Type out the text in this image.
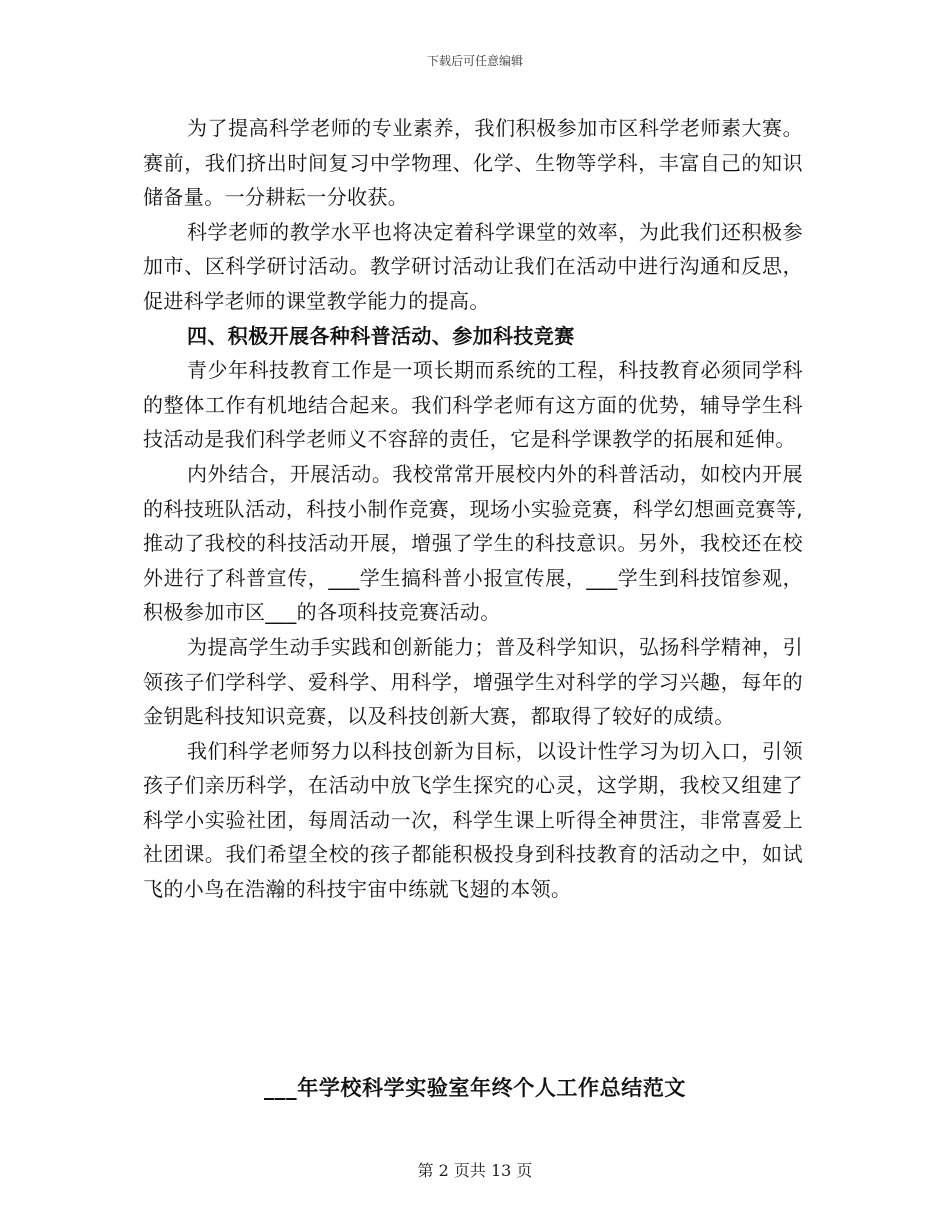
下载后可任意编辑

为了提高科学老师的专业素养，我们积极参加市区科学老师素大赛。赛前，我们挤出时间复习中学物理、化学、生物等学科，丰富自己的知识储备量。一分耕耘一分收获。

科学老师的教学水平也将决定着科学课堂的效率，为此我们还积极参加市、区科学研讨活动。教学研讨活动让我们在活动中进行沟通和反思，促进科学老师的课堂教学能力的提高。

四、积极开展各种科普活动、参加科技竞赛

青少年科技教育工作是一项长期而系统的工程，科技教育必须同学科的整体工作有机地结合起来。我们科学老师有这方面的优势，辅导学生科技活动是我们科学老师义不容辞的责任，它是科学课教学的拓展和延伸。

内外结合，开展活动。我校常常开展校内外的科普活动，如校内开展的科技班队活动，科技小制作竞赛，现场小实验竞赛，科学幻想画竞赛等,推动了我校的科技活动开展，增强了学生的科技意识。另外，我校还在校外进行了科普宣传，___学生搞科普小报宣传展，___学生到科技馆参观，积极参加市区___的各项科技竞赛活动。

为提高学生动手实践和创新能力；普及科学知识，弘扬科学精神，引领孩子们学科学、爱科学、用科学，增强学生对科学的学习兴趣，每年的金钥匙科技知识竞赛，以及科技创新大赛，都取得了较好的成绩。

我们科学老师努力以科技创新为目标，以设计性学习为切入口，引领孩子们亲历科学，在活动中放飞学生探究的心灵，这学期，我校又组建了科学小实验社团，每周活动一次，科学生课上听得全神贯注，非常喜爱上社团课。我们希望全校的孩子都能积极投身到科技教育的活动之中，如试飞的小鸟在浩瀚的科技宇宙中练就飞翅的本领。

___年学校科学实验室年终个人工作总结范文
第 2 页共 13 页
